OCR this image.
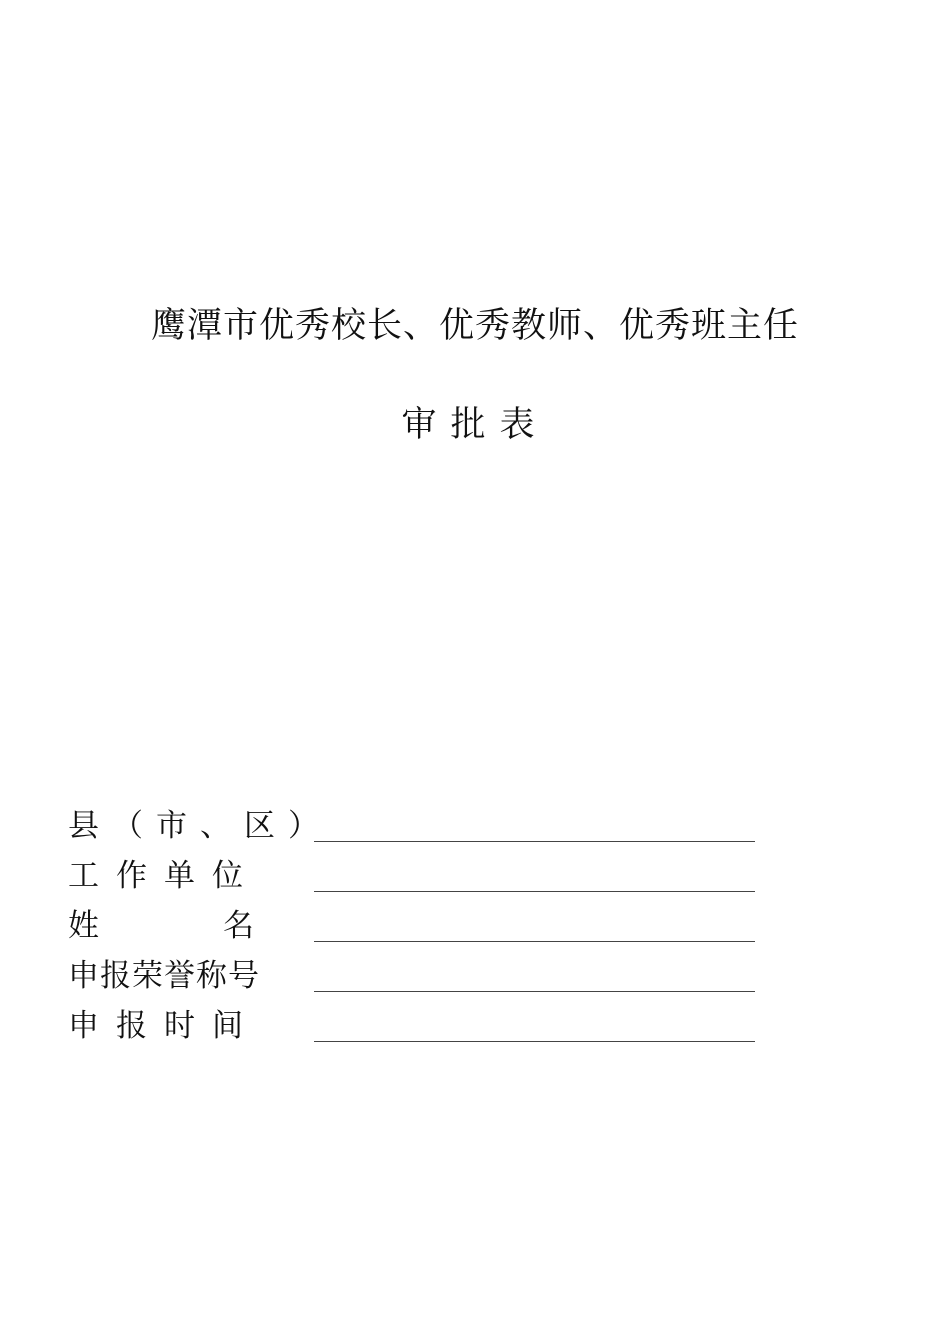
鹰潭市优秀校长、优秀教师、优秀班主任
审批表
县（市、区）
工作单位
姓	名
申报荣誉称号
申报时间
